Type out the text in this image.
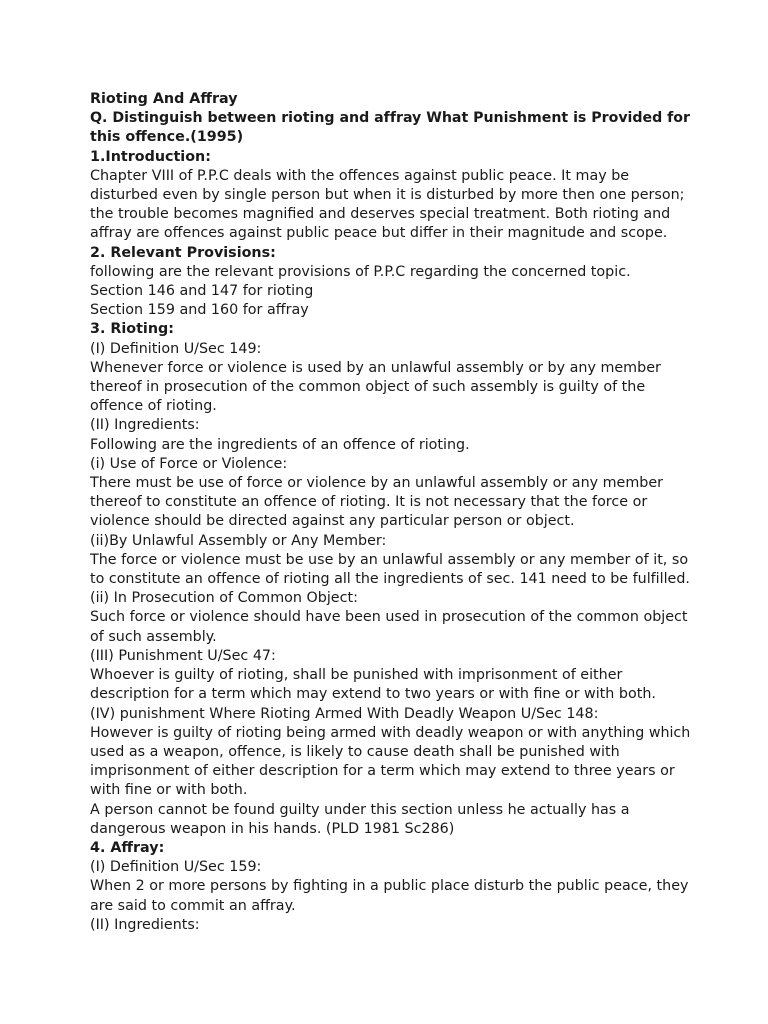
Rioting And Affray
Q. Distinguish between rioting and affray What Punishment is Provided for

this offence.(1995)
1.Introduction:
Chapter VIII of P.P.C deals with the offences against public peace. It may be
disturbed even by single person but when it is disturbed by more then one person;
the trouble becomes magnified and deserves special treatment. Both rioting and
affray are offences against public peace but differ in their magnitude and scope.
2. Relevant Provisions:
following are the relevant provisions of P.P.C regarding the concerned topic.
Section 146 and 147 for rioting
Section 159 and 160 for affray
3. Rioting:
(I) Definition U/Sec 149:
Whenever force or violence is used by an unlawful assembly or by any member
thereof in prosecution of the common object of such assembly is guilty of the
offence of rioting.
(II) Ingredients:
Following are the ingredients of an offence of rioting.
(i) Use of Force or Violence:
There must be use of force or violence by an unlawful assembly or any member
thereof to constitute an offence of rioting. It is not necessary that the force or
violence should be directed against any particular person or object.
(ii)By Unlawful Assembly or Any Member:
The force or violence must be use by an unlawful assembly or any member of it, so
to constitute an offence of rioting all the ingredients of sec. 141 need to be fulfilled.

(ii) In Prosecution of Common Object:
Such force or violence should have been used in prosecution of the common object
of such assembly.
(III) Punishment U/Sec 47:
Whoever is guilty of rioting, shall be punished with imprisonment of either
description for a term which may extend to two years or with fine or with both.
(IV) punishment Where Rioting Armed With Deadly Weapon U/Sec 148:
However is guilty of rioting being armed with deadly weapon or with anything which

used as a weapon, offence, is likely to cause death shall be punished with
imprisonment of either description for a term which may extend to three years or
with fine or with both.
A person cannot be found guilty under this section unless he actually has a
dangerous weapon in his hands. (PLD 1981 Sc286)
4. Affray:
(I) Definition U/Sec 159:
When 2 or more persons by fighting in a public place disturb the public peace, they
are said to commit an affray.
(II) Ingredients:
